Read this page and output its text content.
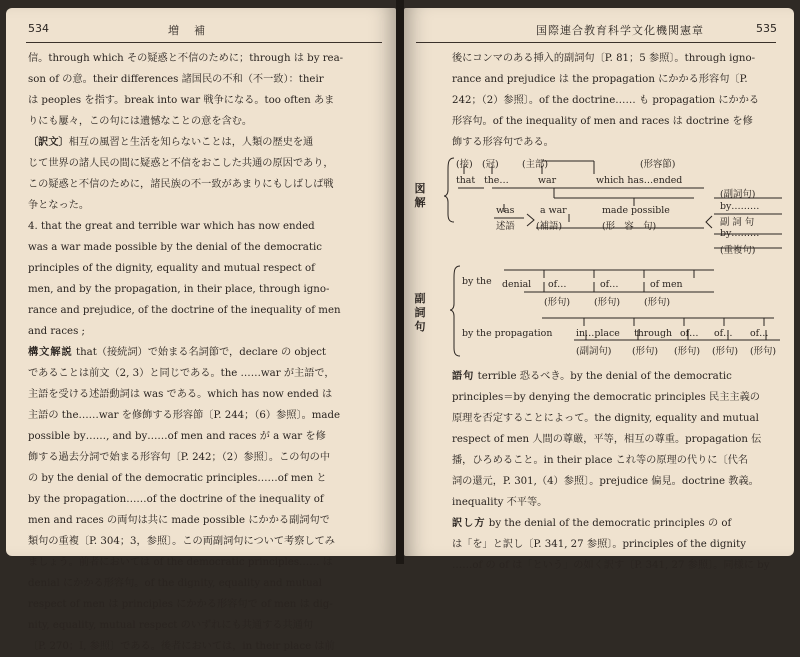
534	増　補
信。through which その疑惑と不信のために；through は by rea-
son of の意。their differences 諸国民の不和（不一致）：their
は peoples を指す。break into war 戦争になる。too often あま
りにも屢々，この句には遺憾なことの意を含む。
〔訳文〕相互の風習と生活を知らないことは，人類の歴史を通
じて世界の諸人民の間に疑惑と不信をおこした共通の原因であり，
この疑惑と不信のために，諸民族の不一致があまりにもしばしば戦
争となった。
4. that the great and terrible war which has now ended
was a war made possible by the denial of the democratic
principles of the dignity, equality and mutual respect of
men, and by the propagation, in their place, through igno-
rance and prejudice, of the doctrine of the inequality of men
and races ;
構文解説 that（接続詞）で始まる名詞節で，declare の object
であることは前文（2, 3）と同じである。the ……war が主語で，
主語を受ける述語動詞は was である。which has now ended は
主語の the……war を修飾する形容節〔P. 244；（6）参照〕。made
possible by……, and by……of men and races が a war を修
飾する過去分詞で始まる形容句〔P. 242；（2）参照〕。この句の中
の by the denial of the democratic principles……of men と
by the propagation……of the doctrine of the inequality of
men and races の両句は共に made possible にかかる副詞句で
類句の重複〔P. 304；3，参照〕。この両副詞句について考察してみ
ましょう。前者においては of the democratic principles…… は
denial にかかる形容句。of the dignity, equality and mutual
respect of men は principles にかかる形容句で of men は dig-
nity, equality, mutual respect のいずれにも共通する共通句
〔P. 270；I, 参照〕である。後者においては，in their place は前
国際連合教育科学文化機関憲章	535
後にコンマのある挿入的副詞句〔P. 81；5 参照〕。through igno-
rance and prejudice は the propagation にかかる形容句〔P.
242；（2）参照〕。of the doctrine…… も propagation にかかる
形容句。of the inequality of men and races は doctrine を修
飾する形容句である。
図解
(接) (冠) (主部)	(形容節)
that the…	war	which has…ended
was	a war	made possible
述語 (補語)	(形　容　句)
(副詞句)
by………
副 詞 句
by………
(重複句)
副詞句
by the denial of…	of…	of men
(形句)	(形句)	(形句)
by the propagation	in…place through of… of… of…
(副詞句) (形句) (形句) (形句) (形句)
語句 terrible 恐るべき。by the denial of the democratic
principles＝by denying the democratic principles 民主主義の
原理を否定することによって。the dignity, equality and mutual
respect of men 人間の尊厳，平等，相互の尊重。propagation 伝
播，ひろめること。in their place これ等の原理の代りに〔代名
詞の還元，P. 301,（4）参照〕。prejudice 偏見。doctrine 教義。
inequality 不平等。
訳し方 by the denial of the democratic principles の of
は「を」と訳し〔P. 341, 27 参照〕。principles of the dignity
……of の of は「という」の如く訳す〔P. 341, 27 参照〕。同様に by
